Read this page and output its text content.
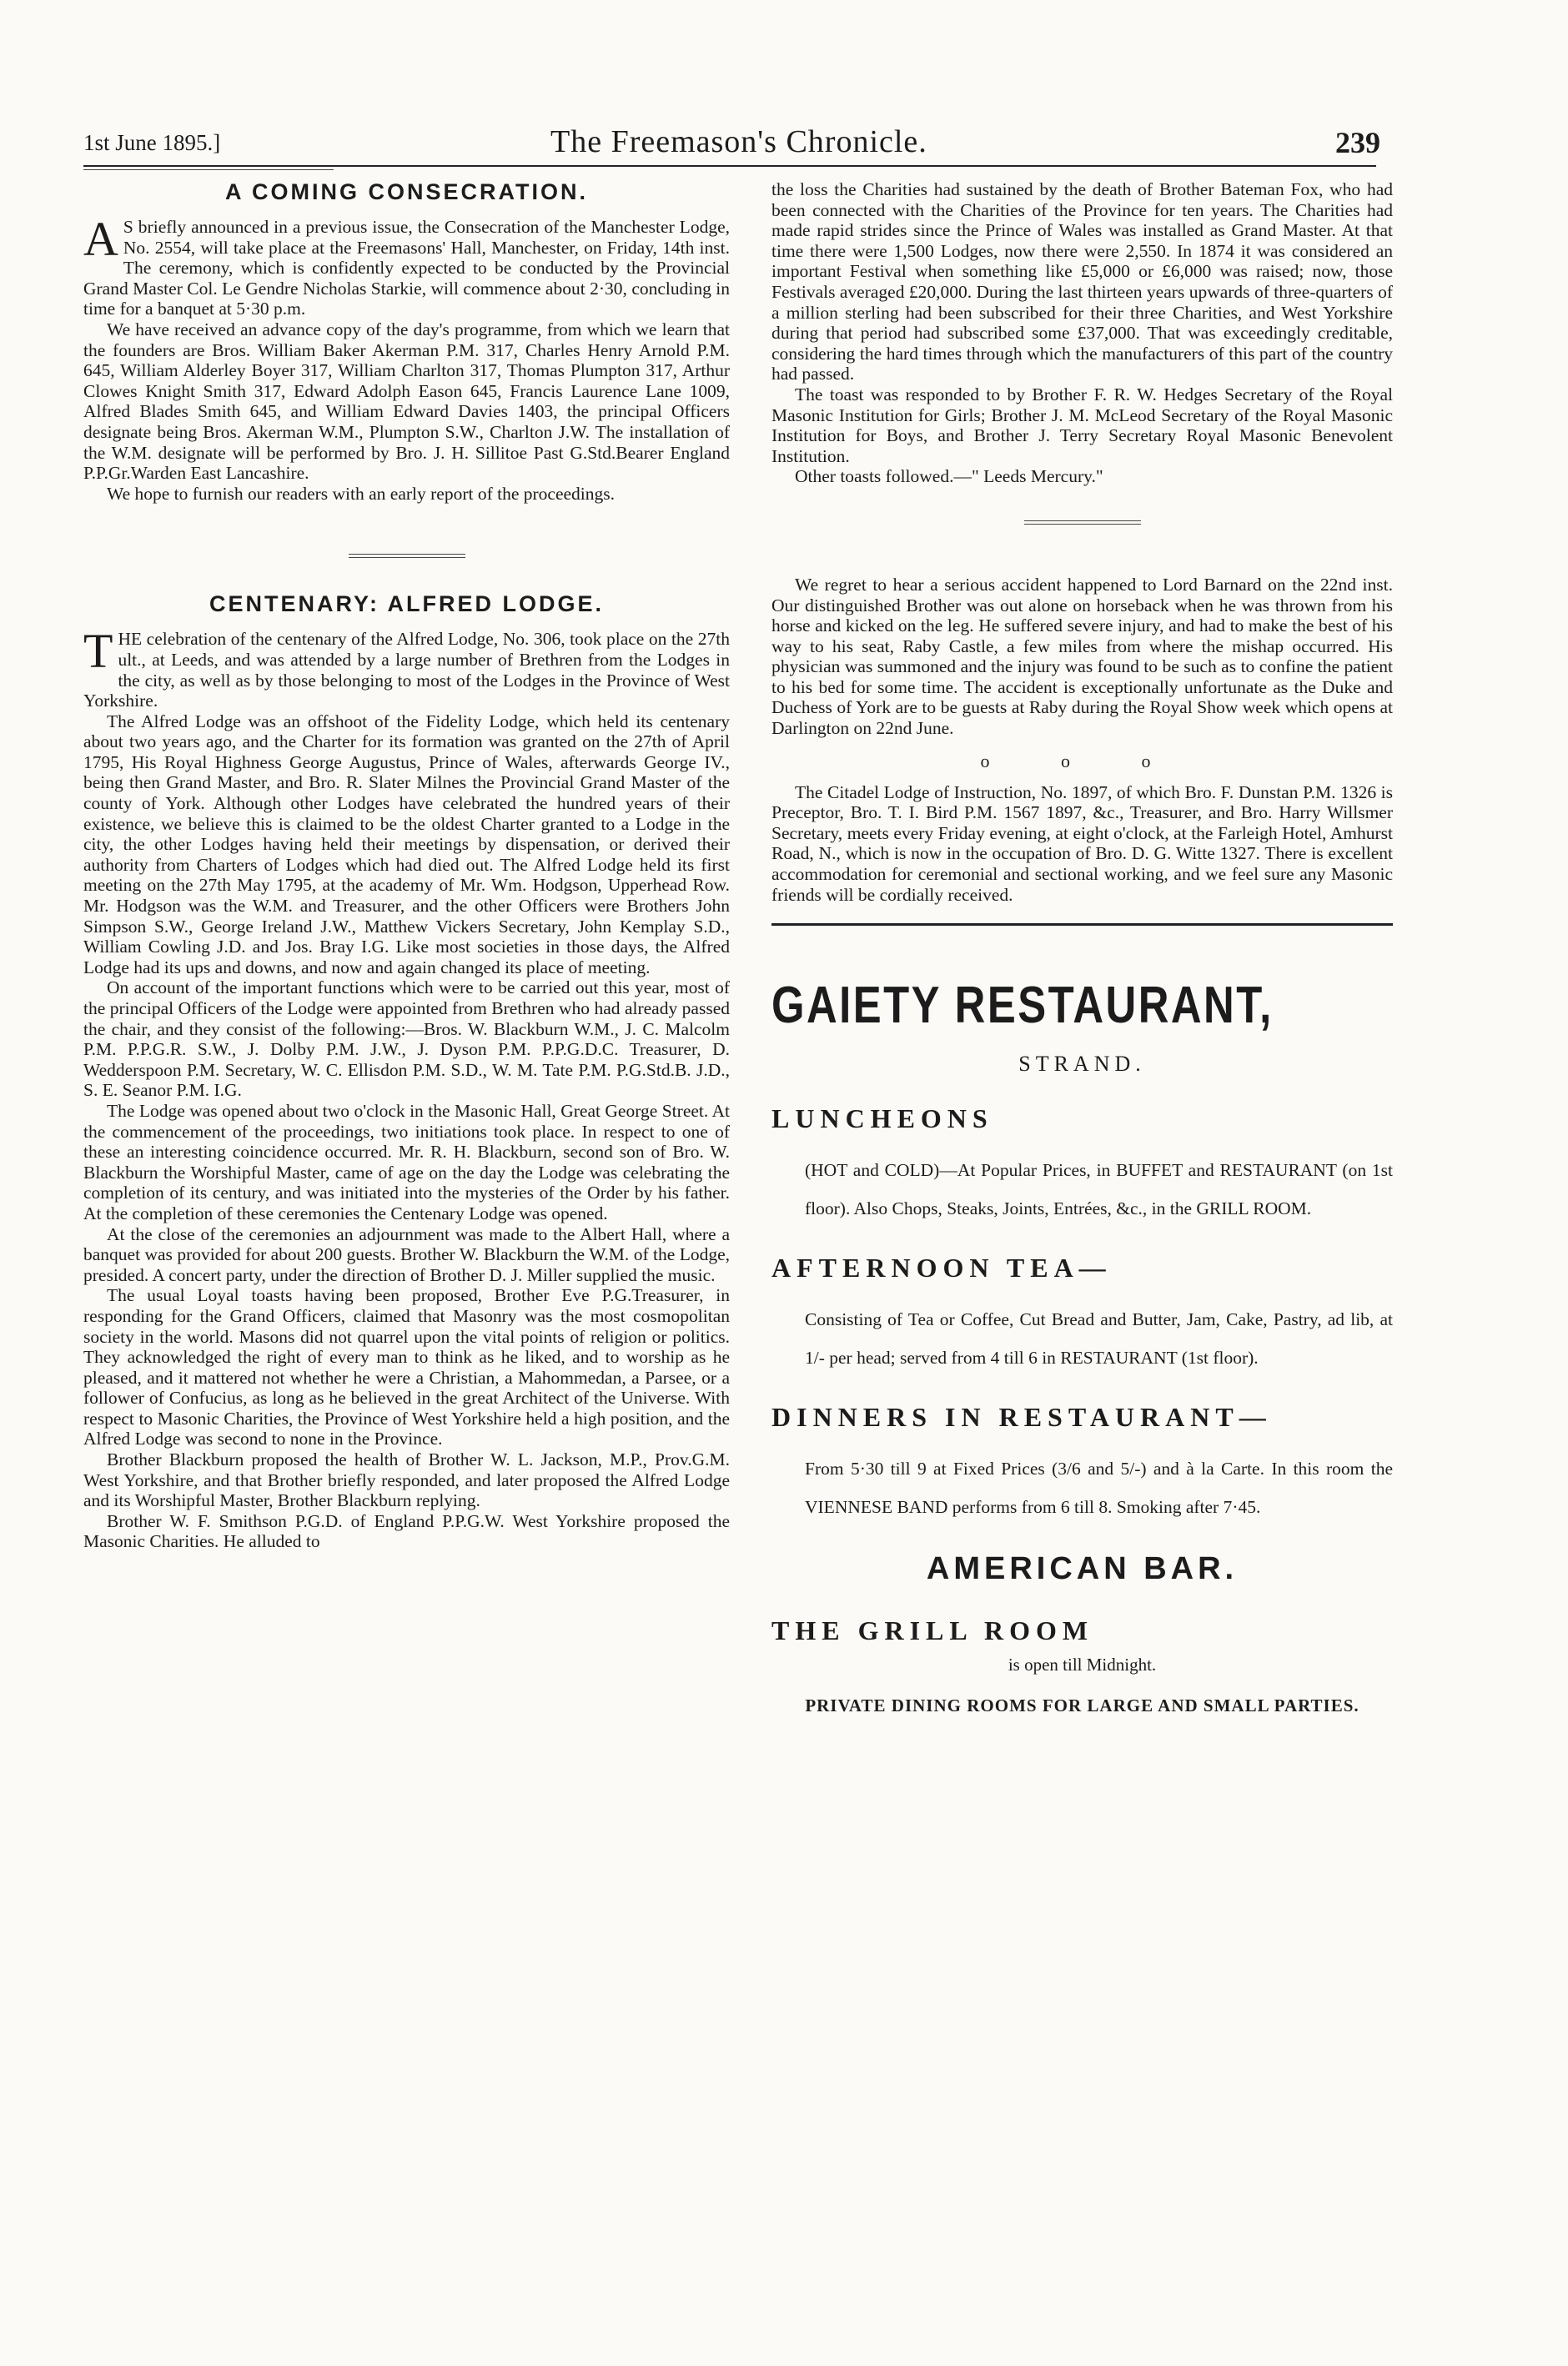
1st June 1895.]	The Freemason's Chronicle.	239
A COMING CONSECRATION.

A S briefly announced in a previous issue, the Consecration of the Manchester Lodge, No. 2554, will take place at the Freemasons' Hall, Manchester, on Friday, 14th inst. The ceremony, which is confidently expected to be conducted by the Provincial Grand Master Col. Le Gendre Nicholas Starkie, will commence about 2·30, concluding in time for a banquet at 5·30 p.m.

We have received an advance copy of the day's programme, from which we learn that the founders are Bros. William Baker Akerman P.M. 317, Charles Henry Arnold P.M. 645, William Alderley Boyer 317, William Charlton 317, Thomas Plumpton 317, Arthur Clowes Knight Smith 317, Edward Adolph Eason 645, Francis Laurence Lane 1009, Alfred Blades Smith 645, and William Edward Davies 1403, the principal Officers designate being Bros. Akerman W.M., Plumpton S.W., Charlton J.W. The installation of the W.M. designate will be performed by Bro. J. H. Sillitoe Past G.Std.Bearer England P.P.Gr.Warden East Lancashire.

We hope to furnish our readers with an early report of the proceedings.

CENTENARY: ALFRED LODGE.

THE celebration of the centenary of the Alfred Lodge, No. 306, took place on the 27th ult., at Leeds, and was attended by a large number of Brethren from the Lodges in the city, as well as by those belonging to most of the Lodges in the Province of West Yorkshire.

The Alfred Lodge was an offshoot of the Fidelity Lodge, which held its centenary about two years ago, and the Charter for its formation was granted on the 27th of April 1795, His Royal Highness George Augustus, Prince of Wales, afterwards George IV., being then Grand Master, and Bro. R. Slater Milnes the Provincial Grand Master of the county of York. Although other Lodges have celebrated the hundred years of their existence, we believe this is claimed to be the oldest Charter granted to a Lodge in the city, the other Lodges having held their meetings by dispensation, or derived their authority from Charters of Lodges which had died out. The Alfred Lodge held its first meeting on the 27th May 1795, at the academy of Mr. Wm. Hodgson, Upperhead Row. Mr. Hodgson was the W.M. and Treasurer, and the other Officers were Brothers John Simpson S.W., George Ireland J.W., Matthew Vickers Secretary, John Kemplay S.D., William Cowling J.D. and Jos. Bray I.G. Like most societies in those days, the Alfred Lodge had its ups and downs, and now and again changed its place of meeting.

On account of the important functions which were to be carried out this year, most of the principal Officers of the Lodge were appointed from Brethren who had already passed the chair, and they consist of the following:—Bros. W. Blackburn W.M., J. C. Malcolm P.M. P.P.G.R. S.W., J. Dolby P.M. J.W., J. Dyson P.M. P.P.G.D.C. Treasurer, D. Wedderspoon P.M. Secretary, W. C. Ellisdon P.M. S.D., W. M. Tate P.M. P.G.Std.B. J.D., S. E. Seanor P.M. I.G.

The Lodge was opened about two o'clock in the Masonic Hall, Great George Street. At the commencement of the proceedings, two initiations took place. In respect to one of these an interesting coincidence occurred. Mr. R. H. Blackburn, second son of Bro. W. Blackburn the Worshipful Master, came of age on the day the Lodge was celebrating the completion of its century, and was initiated into the mysteries of the Order by his father. At the completion of these ceremonies the Centenary Lodge was opened.

At the close of the ceremonies an adjournment was made to the Albert Hall, where a banquet was provided for about 200 guests. Brother W. Blackburn the W.M. of the Lodge, presided. A concert party, under the direction of Brother D. J. Miller supplied the music.

The usual Loyal toasts having been proposed, Brother Eve P.G.Treasurer, in responding for the Grand Officers, claimed that Masonry was the most cosmopolitan society in the world. Masons did not quarrel upon the vital points of religion or politics. They acknowledged the right of every man to think as he liked, and to worship as he pleased, and it mattered not whether he were a Christian, a Mahommedan, a Parsee, or a follower of Confucius, as long as he believed in the great Architect of the Universe. With respect to Masonic Charities, the Province of West Yorkshire held a high position, and the Alfred Lodge was second to none in the Province.

Brother Blackburn proposed the health of Brother W. L. Jackson, M.P., Prov.G.M. West Yorkshire, and that Brother briefly responded, and later proposed the Alfred Lodge and its Worshipful Master, Brother Blackburn replying.

Brother W. F. Smithson P.G.D. of England P.P.G.W. West Yorkshire proposed the Masonic Charities. He alluded to

the loss the Charities had sustained by the death of Brother Bateman Fox, who had been connected with the Charities of the Province for ten years. The Charities had made rapid strides since the Prince of Wales was installed as Grand Master. At that time there were 1,500 Lodges, now there were 2,550. In 1874 it was considered an important Festival when something like £5,000 or £6,000 was raised; now, those Festivals averaged £20,000. During the last thirteen years upwards of three-quarters of a million sterling had been subscribed for their three Charities, and West Yorkshire during that period had subscribed some £37,000. That was exceedingly creditable, considering the hard times through which the manufacturers of this part of the country had passed.

The toast was responded to by Brother F. R. W. Hedges Secretary of the Royal Masonic Institution for Girls; Brother J. M. McLeod Secretary of the Royal Masonic Institution for Boys, and Brother J. Terry Secretary Royal Masonic Benevolent Institution.

Other toasts followed.—" Leeds Mercury."

We regret to hear a serious accident happened to Lord Barnard on the 22nd inst. Our distinguished Brother was out alone on horseback when he was thrown from his horse and kicked on the leg. He suffered severe injury, and had to make the best of his way to his seat, Raby Castle, a few miles from where the mishap occurred. His physician was summoned and the injury was found to be such as to confine the patient to his bed for some time. The accident is exceptionally unfortunate as the Duke and Duchess of York are to be guests at Raby during the Royal Show week which opens at Darlington on 22nd June.

o o o

The Citadel Lodge of Instruction, No. 1897, of which Bro. F. Dunstan P.M. 1326 is Preceptor, Bro. T. I. Bird P.M. 1567 1897, &c., Treasurer, and Bro. Harry Willsmer Secretary, meets every Friday evening, at eight o'clock, at the Farleigh Hotel, Amhurst Road, N., which is now in the occupation of Bro. D. G. Witte 1327. There is excellent accommodation for ceremonial and sectional working, and we feel sure any Masonic friends will be cordially received.

GAIETY RESTAURANT,
STRAND.
LUNCHEONS

(HOT and COLD)—At Popular Prices, in BUFFET and RESTAURANT (on 1st floor). Also Chops, Steaks, Joints, Entrées, &c., in the GRILL ROOM.

AFTERNOON TEA—

Consisting of Tea or Coffee, Cut Bread and Butter, Jam, Cake, Pastry, ad lib, at 1/- per head; served from 4 till 6 in RESTAURANT (1st floor).

DINNERS IN RESTAURANT—

From 5·30 till 9 at Fixed Prices (3/6 and 5/-) and à la Carte. In this room the VIENNESE BAND performs from 6 till 8. Smoking after 7·45.

AMERICAN BAR.
THE GRILL ROOM
is open till Midnight.
PRIVATE DINING ROOMS FOR LARGE AND SMALL PARTIES.
